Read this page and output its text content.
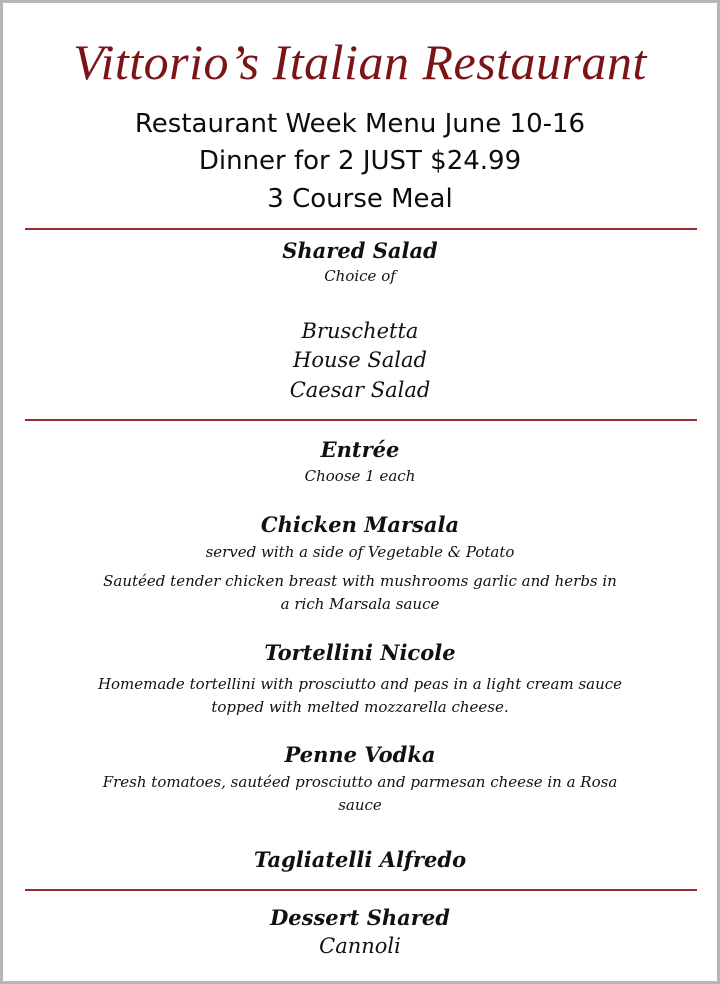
Vittorio’s Italian Restaurant
Restaurant Week Menu June 10-16
Dinner for 2 JUST $24.99
3 Course Meal
Shared Salad
Choice of
Bruschetta
House Salad
Caesar Salad
Entrée
Choose 1 each
Chicken Marsala
served with a side of Vegetable & Potato
Sautéed tender chicken breast with mushrooms garlic and herbs in
a rich Marsala sauce
Tortellini Nicole
Homemade tortellini with prosciutto and peas in a light cream sauce
topped with melted mozzarella cheese.
Penne Vodka
Fresh tomatoes, sautéed prosciutto and parmesan cheese in a Rosa
sauce
Tagliatelli Alfredo
Dessert Shared
Cannoli
